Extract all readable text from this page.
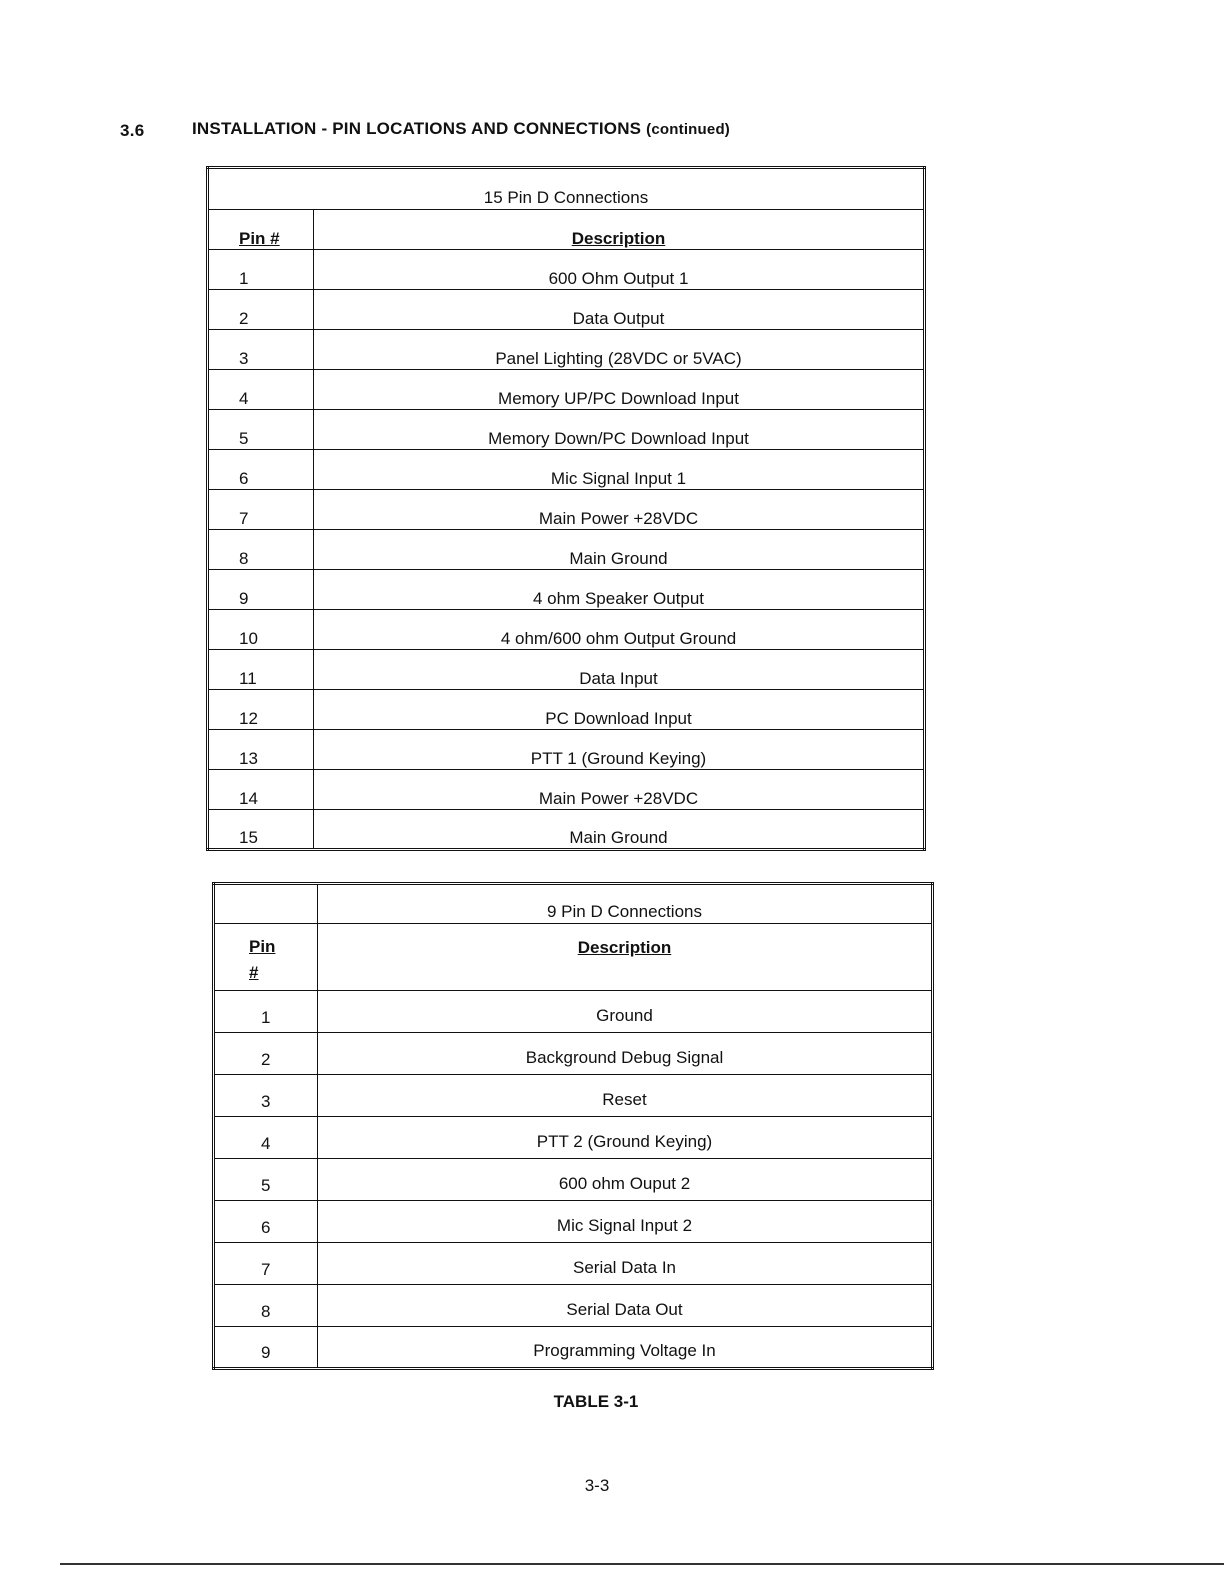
3.6	INSTALLATION - PIN LOCATIONS AND CONNECTIONS (continued)
15 Pin D Connections	
Pin #	Description
1	600 Ohm Output 1
2	Data Output
3	Panel Lighting (28VDC or 5VAC)
4	Memory UP/PC Download Input
5	Memory Down/PC Download Input
6	Mic Signal Input 1
7	Main Power +28VDC
8	Main Ground
9	4 ohm Speaker Output
10	4 ohm/600 ohm Output Ground
11	Data Input
12	PC Download Input
13	PTT 1 (Ground Keying)
14	Main Power +28VDC
15	Main Ground
	9 Pin D Connections
Pin
#	Description
1	Ground
2	Background Debug Signal
3	Reset
4	PTT 2 (Ground Keying)
5	600 ohm Ouput 2
6	Mic Signal Input 2
7	Serial Data In
8	Serial Data Out
9	Programming Voltage In
TABLE 3-1
3-3
